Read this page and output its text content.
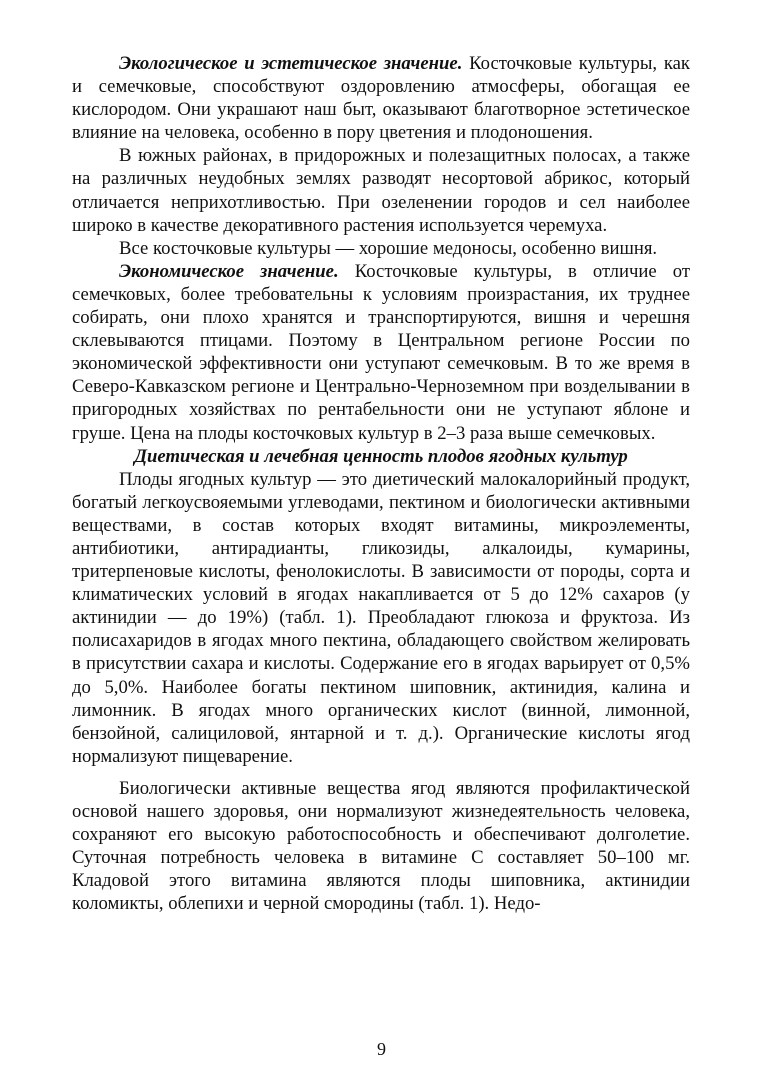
Экологическое и эстетическое значение. Косточковые культуры, как и семечковые, способствуют оздоровлению атмосферы, обогащая ее кислородом. Они украшают наш быт, оказывают благотворное эстетическое влияние на человека, особенно в пору цветения и плодоношения.

В южных районах, в придорожных и полезащитных полосах, а также на различных неудобных землях разводят несортовой абрикос, который отличается неприхотливостью. При озеленении городов и сел наиболее широко в качестве декоративного растения используется черемуха.

Все косточковые культуры — хорошие медоносы, особенно вишня.

Экономическое значение. Косточковые культуры, в отличие от семечковых, более требовательны к условиям произрастания, их труднее собирать, они плохо хранятся и транспортируются, вишня и черешня склевываются птицами. Поэтому в Центральном регионе России по экономической эффективности они уступают семечковым. В то же время в Северо-Кавказском регионе и Центрально-Черноземном при возделывании в пригородных хозяйствах по рентабельности они не уступают яблоне и груше. Цена на плоды косточковых культур в 2–3 раза выше семечковых.

Диетическая и лечебная ценность плодов ягодных культур

Плоды ягодных культур — это диетический малокалорийный продукт, богатый легкоусвояемыми углеводами, пектином и биологически активными веществами, в состав которых входят витамины, микроэлементы, антибиотики, антирадианты, гликозиды, алкалоиды, кумарины, тритерпеновые кислоты, фенолокислоты. В зависимости от породы, сорта и климатических условий в ягодах накапливается от 5 до 12% сахаров (у актинидии — до 19%) (табл. 1). Преобладают глюкоза и фруктоза. Из полисахаридов в ягодах много пектина, обладающего свойством желировать в присутствии сахара и кислоты. Содержание его в ягодах варьирует от 0,5% до 5,0%. Наиболее богаты пектином шиповник, актинидия, калина и лимонник. В ягодах много органических кислот (винной, лимонной, бензойной, салициловой, янтарной и т. д.). Органические кислоты ягод нормализуют пищеварение.

Биологически активные вещества ягод являются профилактической основой нашего здоровья, они нормализуют жизнедеятельность человека, сохраняют его высокую работоспособность и обеспечивают долголетие. Суточная потребность человека в витамине С составляет 50–100 мг. Кладовой этого витамина являются плоды шиповника, актинидии коломикты, облепихи и черной смородины (табл. 1). Недо-

9
